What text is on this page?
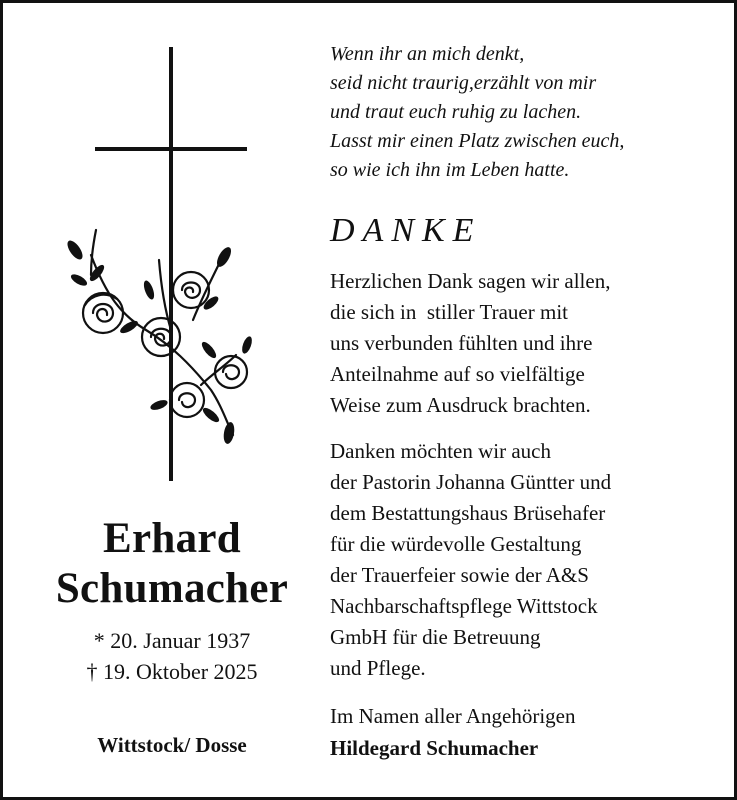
Erhard
Schumacher
* 20. Januar 1937
† 19. Oktober 2025
Wittstock/ Dosse
Wenn ihr an mich denkt,
seid nicht traurig,erzählt von mir
und traut euch ruhig zu lachen.
Lasst mir einen Platz zwischen euch,
so wie ich ihn im Leben hatte.
DANKE
Herzlichen Dank sagen wir allen,
die sich in  stiller Trauer mit
uns verbunden fühlten und ihre
Anteilnahme auf so vielfältige
Weise zum Ausdruck brachten.
Danken möchten wir auch
der Pastorin Johanna Güntter und
dem Bestattungshaus Brüsehafer
für die würdevolle Gestaltung
der Trauerfeier sowie der A&S
Nachbarschaftspflege Wittstock
GmbH für die Betreuung
und Pflege.
Im Namen aller Angehörigen
Hildegard Schumacher
